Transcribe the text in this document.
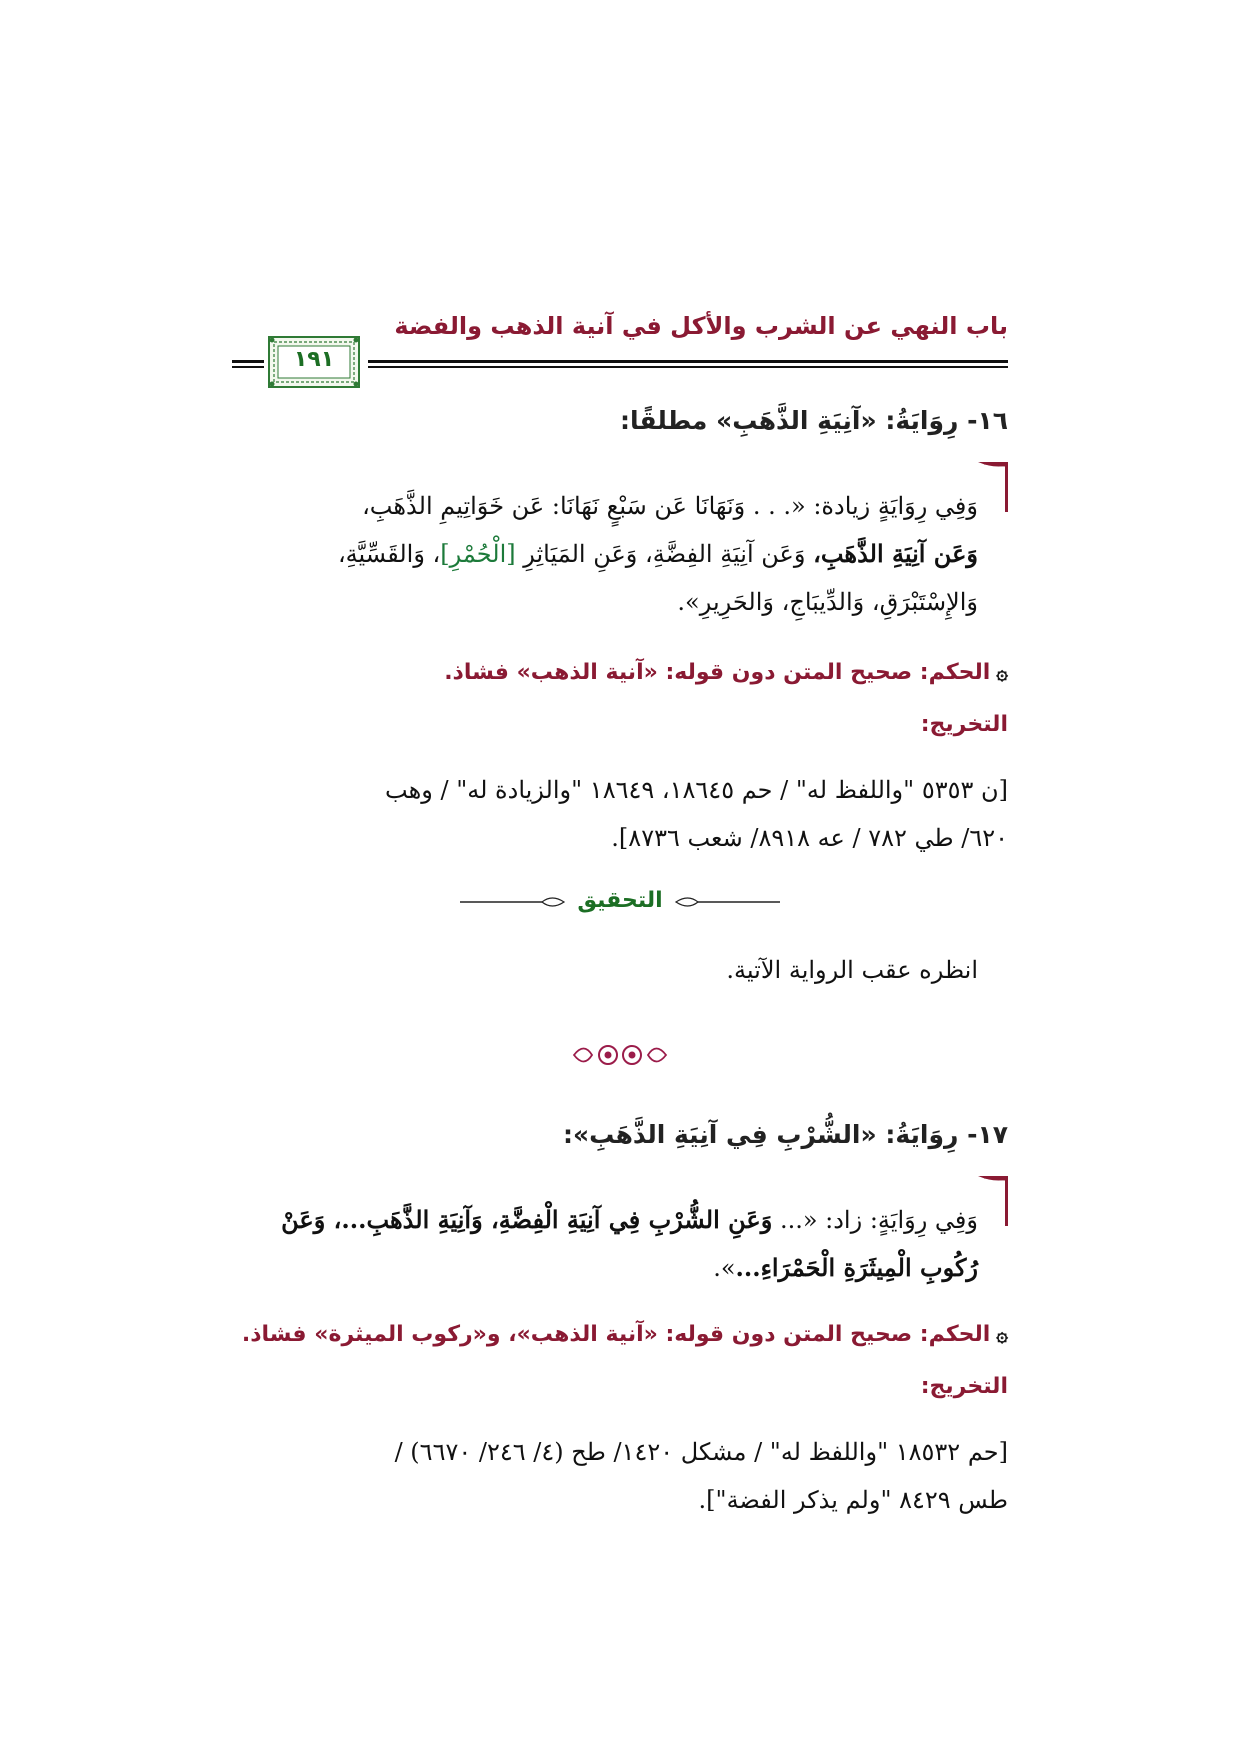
باب النهي عن الشرب والأكل في آنية الذهب والفضة
١٩١
١٦- رِوَايَةُ: «آنِيَةِ الذَّهَبِ» مطلقًا:
وَفِي رِوَايَةٍ زيادة: «. . . وَنَهَانَا عَن سَبْعٍ نَهَانَا: عَن خَوَاتِيمِ الذَّهَبِ،
وَعَن آنِيَةِ الذَّهَبِ، وَعَن آنِيَةِ الفِضَّةِ، وَعَنِ المَيَاثِرِ [الْحُمْرِ]، وَالقَسِّيَّةِ،
وَالإِسْتَبْرَقِ، وَالدِّيبَاجِ، وَالحَرِيرِ».
۞الحكم: صحيح المتن دون قوله: «آنية الذهب» فشاذ.
التخريج:
[ن ٥٣٥٣ "واللفظ له" / حم ١٨٦٤٥، ١٨٦٤٩ "والزيادة له" / وهب
٦٢٠/ طي ٧٨٢ / عه ٨٩١٨/ شعب ٨٧٣٦].
التحقيق
انظره عقب الرواية الآتية.
١٧- رِوَايَةُ: «الشُّرْبِ فِي آنِيَةِ الذَّهَبِ»:
وَفِي رِوَايَةٍ: زاد: «... وَعَنِ الشُّرْبِ فِي آنِيَةِ الْفِضَّةِ، وَآنِيَةِ الذَّهَبِ...، وَعَنْ
رُكُوبِ الْمِيثَرَةِ الْحَمْرَاءِ...».
۞الحكم: صحيح المتن دون قوله: «آنية الذهب»، و«ركوب الميثرة» فشاذ.
التخريج:
[حم ١٨٥٣٢ "واللفظ له" / مشكل ١٤٢٠/ طح (٤/ ٢٤٦/ ٦٦٧٠) /
طس ٨٤٢٩ "ولم يذكر الفضة"].
